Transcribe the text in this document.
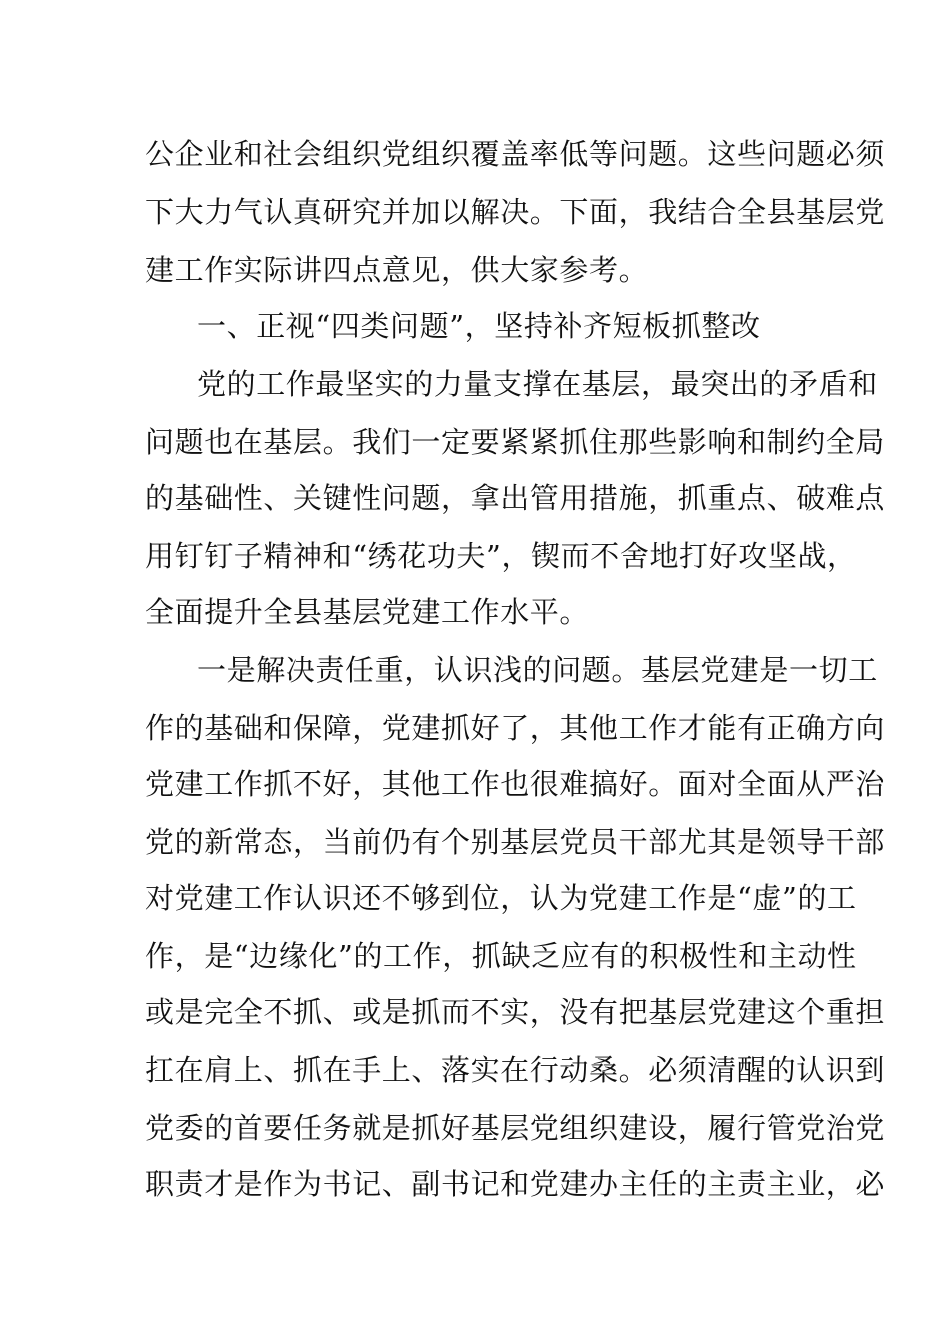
公企业和社会组织党组织覆盖率低等问题。这些问题必须
下大力气认真研究并加以解决。下面，我结合全县基层党
建工作实际讲四点意见，供大家参考。
一、正视“四类问题”，坚持补齐短板抓整改
党的工作最坚实的力量支撑在基层，最突出的矛盾和
问题也在基层。我们一定要紧紧抓住那些影响和制约全局
的基础性、关键性问题，拿出管用措施，抓重点、破难点
用钉钉子精神和“绣花功夫”，锲而不舍地打好攻坚战，
全面提升全县基层党建工作水平。
一是解决责任重，认识浅的问题。基层党建是一切工
作的基础和保障，党建抓好了，其他工作才能有正确方向
党建工作抓不好，其他工作也很难搞好。面对全面从严治
党的新常态，当前仍有个别基层党员干部尤其是领导干部
对党建工作认识还不够到位，认为党建工作是“虚”的工
作，是“边缘化”的工作，抓缺乏应有的积极性和主动性
或是完全不抓、或是抓而不实，没有把基层党建这个重担
扛在肩上、抓在手上、落实在行动桑。必须清醒的认识到
党委的首要任务就是抓好基层党组织建设，履行管党治党
职责才是作为书记、副书记和党建办主任的主责主业，必
